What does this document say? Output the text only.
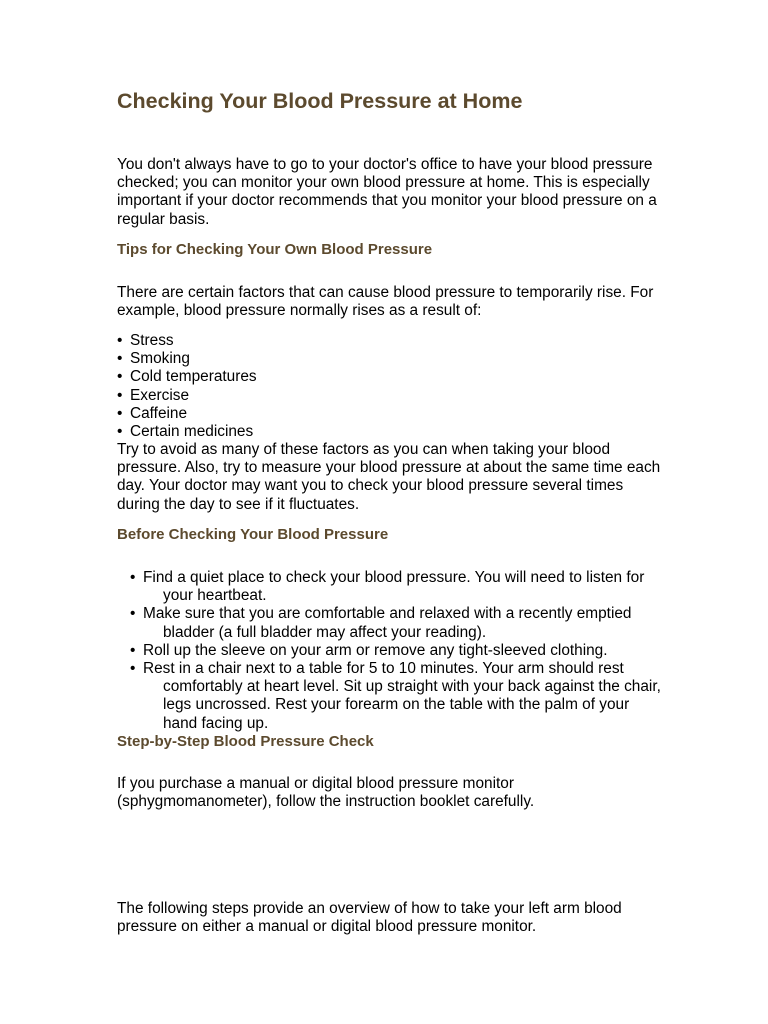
Checking Your Blood Pressure at Home

You don't always have to go to your doctor's office to have your blood pressure checked; you can monitor your own blood pressure at home. This is especially important if your doctor recommends that you monitor your blood pressure on a regular basis.

Tips for Checking Your Own Blood Pressure

There are certain factors that can cause blood pressure to temporarily rise. For example, blood pressure normally rises as a result of:

• Stress
• Smoking
• Cold temperatures
• Exercise
• Caffeine
• Certain medicines

Try to avoid as many of these factors as you can when taking your blood pressure. Also, try to measure your blood pressure at about the same time each day. Your doctor may want you to check your blood pressure several times during the day to see if it fluctuates.

Before Checking Your Blood Pressure
• Find a quiet place to check your blood pressure. You will need to listen for your heartbeat.
• Make sure that you are comfortable and relaxed with a recently emptied bladder (a full bladder may affect your reading).
• Roll up the sleeve on your arm or remove any tight-sleeved clothing.
• Rest in a chair next to a table for 5 to 10 minutes. Your arm should rest comfortably at heart level. Sit up straight with your back against the chair, legs uncrossed. Rest your forearm on the table with the palm of your hand facing up.
Step-by-Step Blood Pressure Check

If you purchase a manual or digital blood pressure monitor (sphygmomanometer), follow the instruction booklet carefully.

The following steps provide an overview of how to take your left arm blood pressure on either a manual or digital blood pressure monitor.
